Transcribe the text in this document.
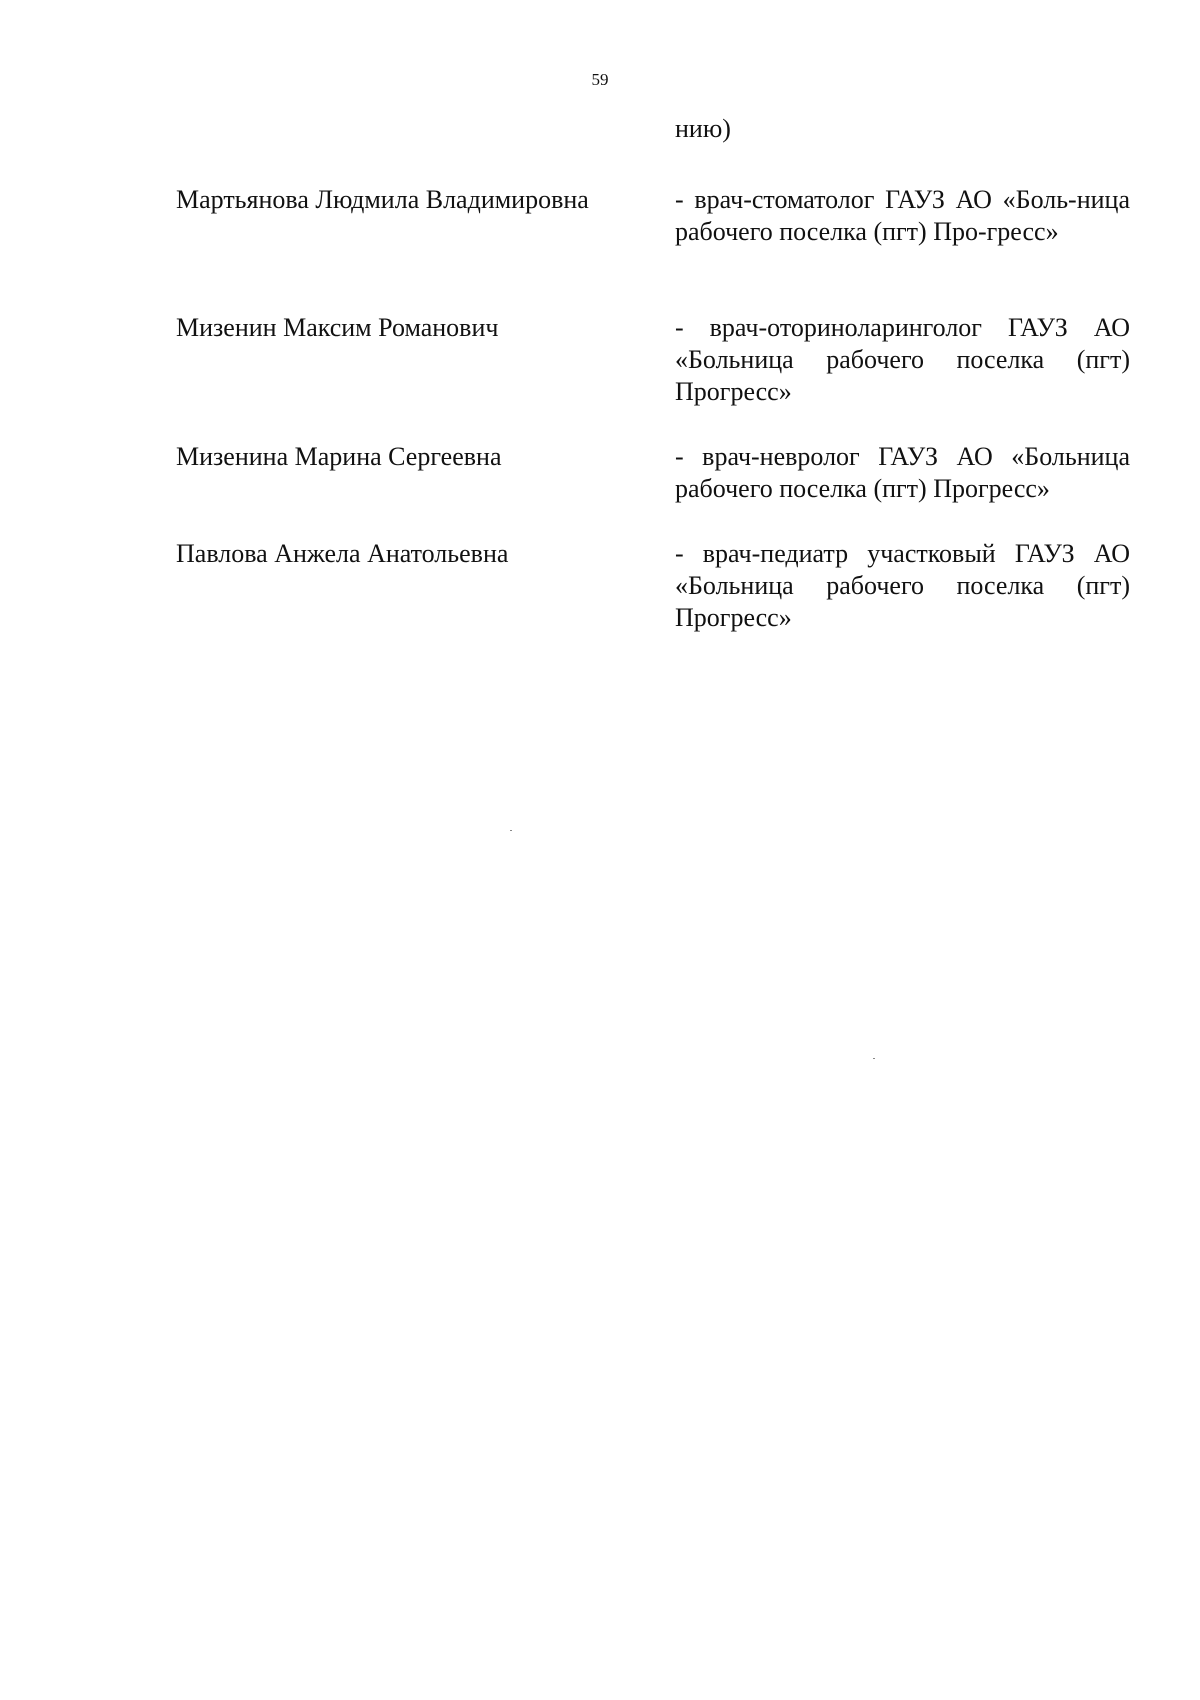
59
нию)
Мартьянова Людмила Владимировна	- врач-стоматолог ГАУЗ АО «Боль-ница рабочего поселка (пгт) Про-гресс»
Мизенин Максим Романович	- врач-оториноларинголог ГАУЗ АО «Больница рабочего поселка (пгт) Прогресс»
Мизенина Марина Сергеевна	- врач-невролог ГАУЗ АО «Больница рабочего поселка (пгт) Прогресс»
Павлова Анжела Анатольевна	- врач-педиатр участковый ГАУЗ АО «Больница рабочего поселка (пгт) Прогресс»
